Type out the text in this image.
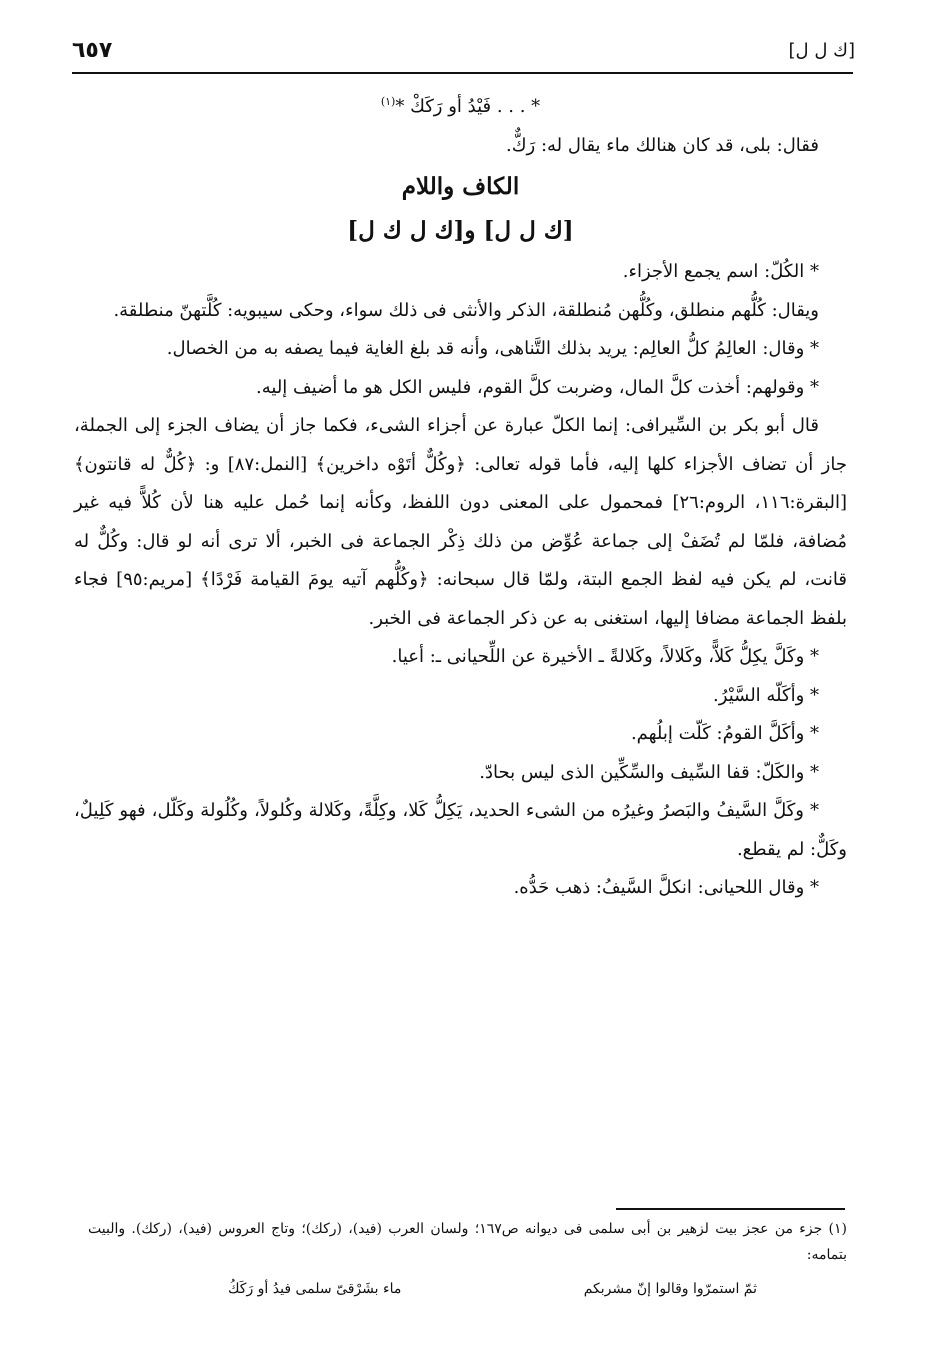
٦٥٧	[ك ل ل]

* . . . فَيْدُ أو رَكَكْ *$^{(١)}$

فقال: بلى، قد كان هنالك ماء يقال له: رَكٌّ.

الكاف واللام

[ك ل ل] و[ك ل ك ل]

* الكُلّ: اسم يجمع الأجزاء.

ويقال: كُلُّهم منطلق، وكُلُّهن مُنطلقة، الذكر والأنثى فى ذلك سواء، وحكى سيبويه: كُلَّتهنّ منطلقة.

* وقال: العالِمُ كلُّ العالِم: يريد بذلك التَّناهى، وأنه قد بلغ الغاية فيما يصفه به من الخصال.

* وقولهم: أخذت كلَّ المال، وضربت كلَّ القوم، فليس الكل هو ما أضيف إليه.

قال أبو بكر بن السِّيرافى: إنما الكلّ عبارة عن أجزاء الشىء، فكما جاز أن يضاف الجزء إلى الجملة، جاز أن تضاف الأجزاء كلها إليه، فأما قوله تعالى: ﴿وكُلٌّ أتَوْه داخرين﴾ [النمل:٨٧] و: ﴿كُلٌّ له قانتون﴾ [البقرة:١١٦، الروم:٢٦] فمحمول على المعنى دون اللفظ، وكأنه إنما حُمل عليه هنا لأن كُلاًّ فيه غير مُضافة، فلمّا لم تُضَفْ إلى جماعة عُوِّض من ذلك ذِكْر الجماعة فى الخبر، ألا ترى أنه لو قال: وكُلٌّ له قانت، لم يكن فيه لفظ الجمع البتة، ولمّا قال سبحانه: ﴿وكُلُّهم آتيه يومَ القيامة فَرْدًا﴾ [مريم:٩٥] فجاء بلفظ الجماعة مضافا إليها، استغنى به عن ذكر الجماعة فى الخبر.

* وكَلَّ يكِلُّ كَلاًّ، وكَلالاً، وكَلالةً ـ الأخيرة عن اللِّحيانى ـ: أعيا.

* وأكَلّه السَّيْرُ.

* وأكَلَّ القومُ: كَلّت إبلُهم.

* والكَلّ: قفا السِّيف والسِّكِّين الذى ليس بحادّ.

* وكَلَّ السَّيفُ والبَصرُ وغيرُه من الشىء الحديد، يَكِلُّ كَلا، وكِلَّةً، وكَلالة وكُلولاً، وكُلُولة وكَلّل، فهو كَلِيلٌ، وكَلٌّ: لم يقطع.

* وقال اللحيانى: انكلَّ السَّيفُ: ذهب حَدُّه.

(١) جزء من عجز بيت لزهير بن أبى سلمى فى ديوانه ص١٦٧؛ ولسان العرب (فيد)، (ركك)؛ وتاج العروس (فيد)، (ركك). والبيت بتمامه:

ثمّ استمرّوا وقالوا إنّ مشربكم
ماء بشَرْقىّ سلمى فيدُ أو رَكَكُ
